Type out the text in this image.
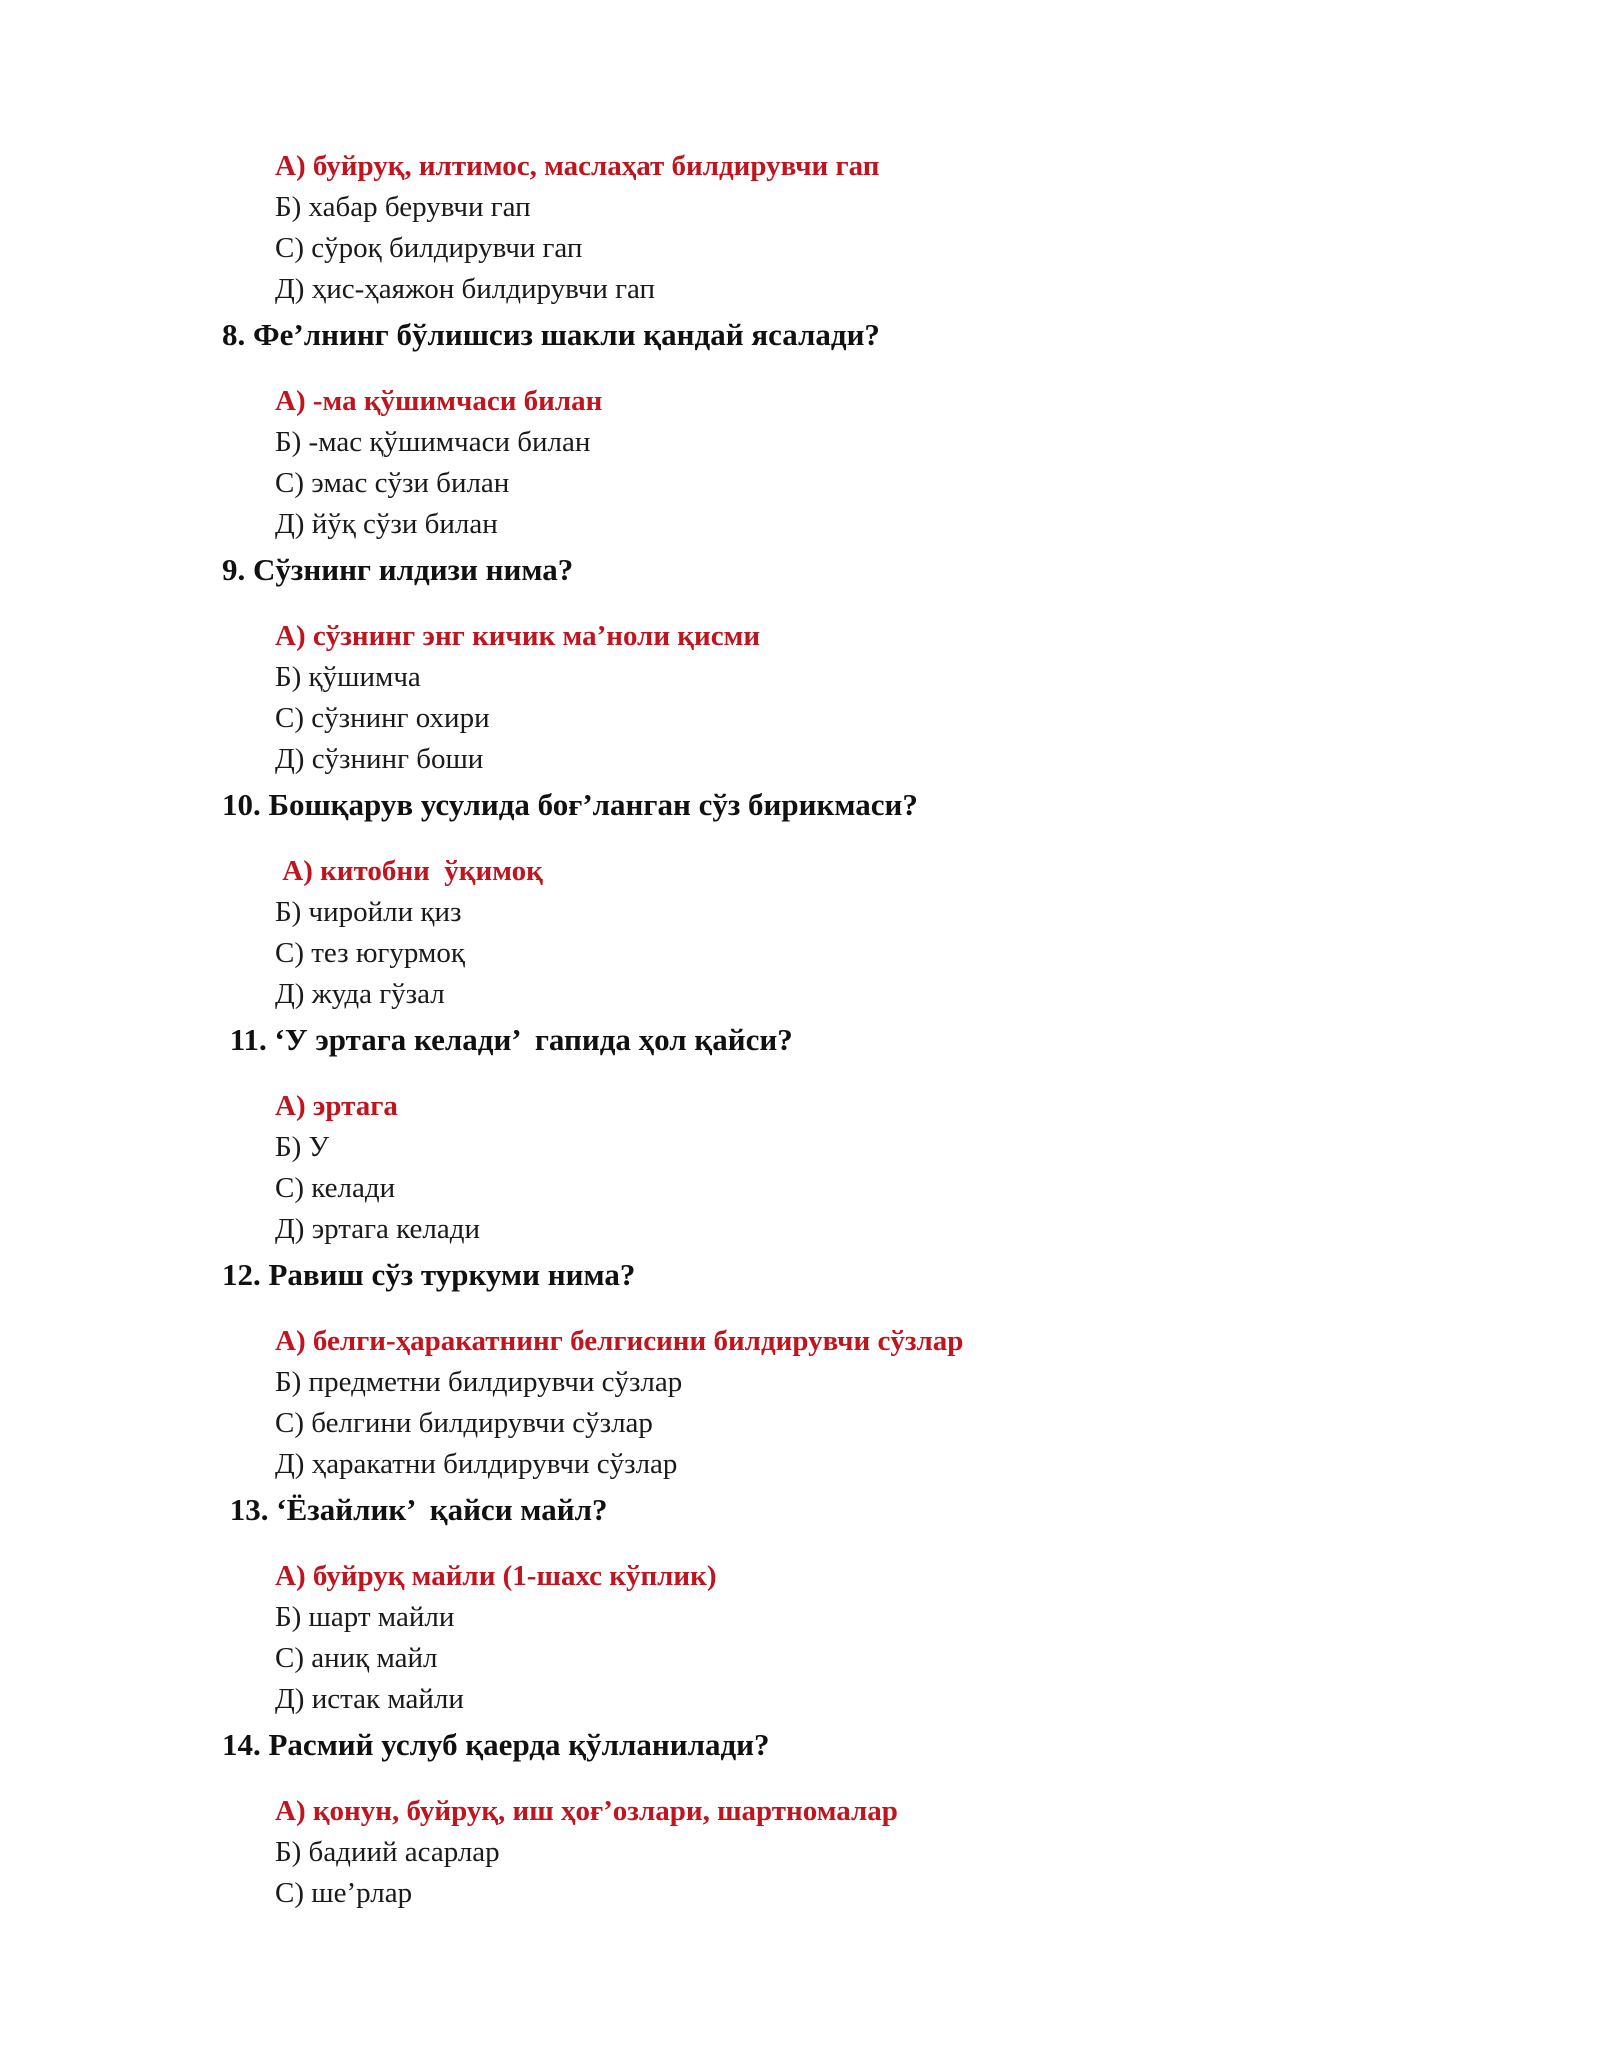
А) буйруқ, илтимос, маслаҳат билдирувчи гап
Б) хабар берувчи гап
С) сўроқ билдирувчи гап
Д) ҳис-ҳаяжон билдирувчи гап
8. Фе’лнинг бўлишсиз шакли қандай ясалади?
А) -ма қўшимчаси билан
Б) -мас қўшимчаси билан
С) эмас сўзи билан
Д) йўқ сўзи билан
9. Сўзнинг илдизи нима?
А) сўзнинг энг кичик ма’ноли қисми
Б) қўшимча
С) сўзнинг охири
Д) сўзнинг боши
10. Бошқарув усулида боғ’ланган сўз бирикмаси?
А) китобни  ўқимоқ
Б) чиройли қиз
С) тез югурмоқ
Д) жуда гўзал
11. ‘У эртага келади’  гапида ҳол қайси?
А) эртага
Б) У
С) келади
Д) эртага келади
12. Равиш сўз туркуми нима?
А) белги-ҳаракатнинг белгисини билдирувчи сўзлар
Б) предметни билдирувчи сўзлар
С) белгини билдирувчи сўзлар
Д) ҳаракатни билдирувчи сўзлар
13. ‘Ёзайлик’  қайси майл?
А) буйруқ майли (1-шахс кўплик)
Б) шарт майли
С) аниқ майл
Д) истак майли
14. Расмий услуб қаерда қўлланилади?
А) қонун, буйруқ, иш ҳоғ’озлари, шартномалар
Б) бадиий асарлар
С) ше’рлар
